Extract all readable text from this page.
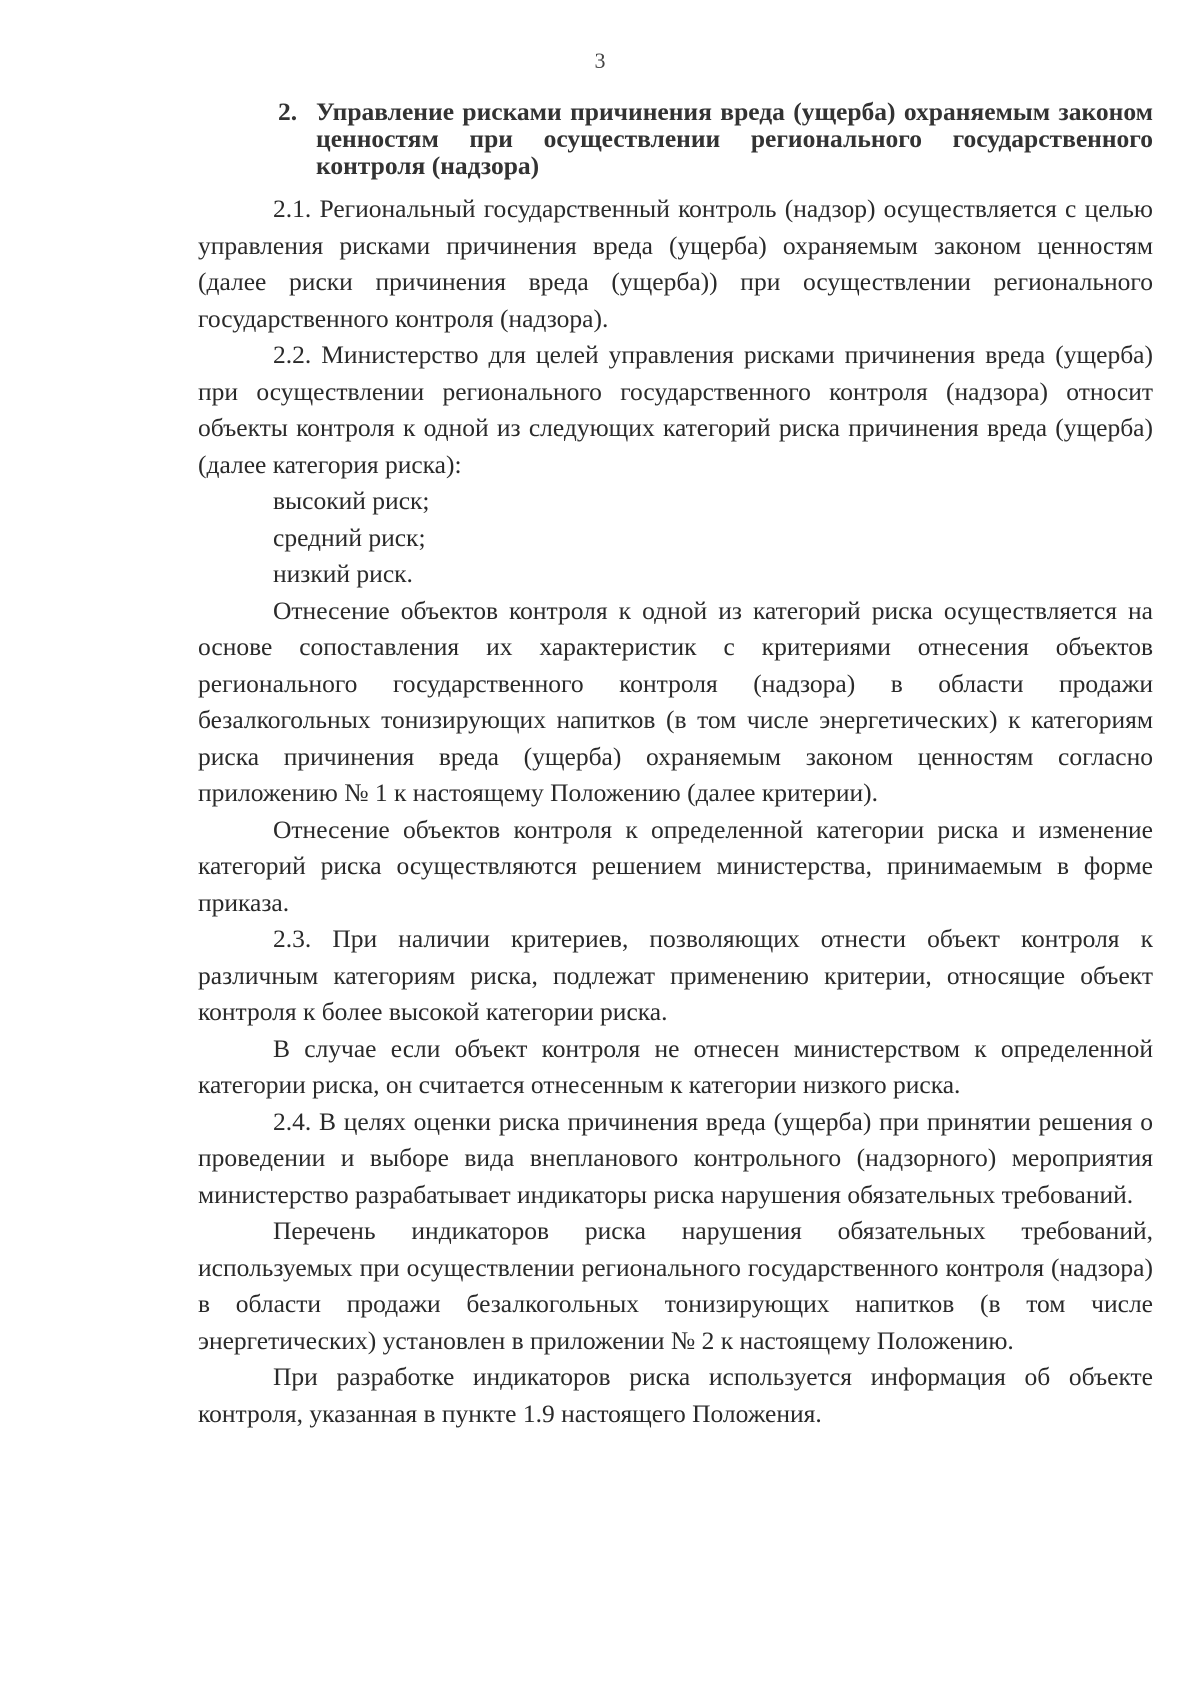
3
2. Управление рисками причинения вреда (ущерба) охраняемым законом ценностям при осуществлении регионального государственного контроля (надзора)

2.1. Региональный государственный контроль (надзор) осуществляется с целью управления рисками причинения вреда (ущерба) охраняемым законом ценностям (далее риски причинения вреда (ущерба)) при осуществлении регионального государственного контроля (надзора).

2.2. Министерство для целей управления рисками причинения вреда (ущерба) при осуществлении регионального государственного контроля (надзора) относит объекты контроля к одной из следующих категорий риска причинения вреда (ущерба) (далее категория риска):

высокий риск;

средний риск;

низкий риск.

Отнесение объектов контроля к одной из категорий риска осуществляется на основе сопоставления их характеристик с критериями отнесения объектов регионального государственного контроля (надзора) в области продажи безалкогольных тонизирующих напитков (в том числе энергетических) к категориям риска причинения вреда (ущерба) охраняемым законом ценностям согласно приложению № 1 к настоящему Положению (далее критерии).

Отнесение объектов контроля к определенной категории риска и изменение категорий риска осуществляются решением министерства, принимаемым в форме приказа.

2.3. При наличии критериев, позволяющих отнести объект контроля к различным категориям риска, подлежат применению критерии, относящие объект контроля к более высокой категории риска.

В случае если объект контроля не отнесен министерством к определенной категории риска, он считается отнесенным к категории низкого риска.

2.4. В целях оценки риска причинения вреда (ущерба) при принятии решения о проведении и выборе вида внепланового контрольного (надзорного) мероприятия министерство разрабатывает индикаторы риска нарушения обязательных требований.

Перечень индикаторов риска нарушения обязательных требований, используемых при осуществлении регионального государственного контроля (надзора) в области продажи безалкогольных тонизирующих напитков (в том числе энергетических) установлен в приложении № 2 к настоящему Положению.

При разработке индикаторов риска используется информация об объекте контроля, указанная в пункте 1.9 настоящего Положения.
